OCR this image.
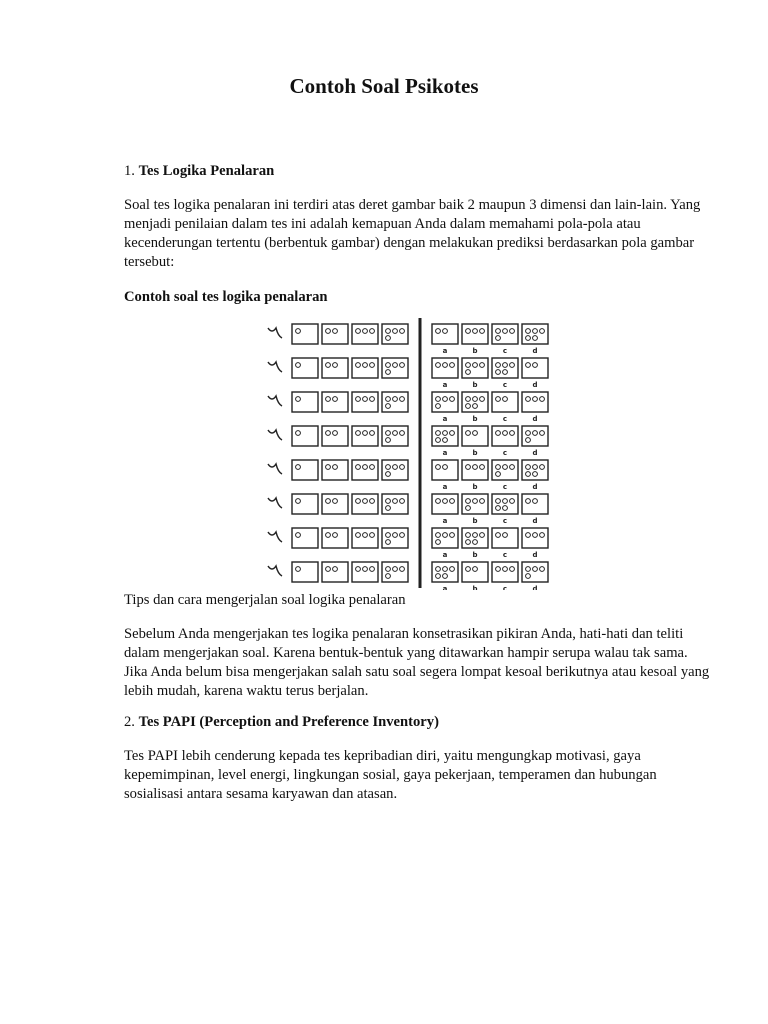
Contoh Soal Psikotes

1. Tes Logika Penalaran

Soal tes logika penalaran ini terdiri atas deret gambar baik 2 maupun 3 dimensi dan lain-lain. Yang menjadi penilaian dalam tes ini adalah kemapuan Anda dalam memahami pola-pola atau kecenderungan tertentu (berbentuk gambar) dengan melakukan prediksi berdasarkan pola gambar tersebut:

Contoh soal tes logika penalaran

a	b	c	d
a	b	c	d
a	b	c	d
a	b	c	d
a	b	c	d
a	b	c	d
a	b	c	d
a	b	c	d

Tips dan cara mengerjalan soal logika penalaran

Sebelum Anda mengerjakan tes logika penalaran konsetrasikan pikiran Anda, hati-hati dan teliti dalam mengerjakan soal. Karena bentuk-bentuk yang ditawarkan hampir serupa walau tak sama. Jika Anda belum bisa mengerjakan salah satu soal segera lompat kesoal berikutnya atau kesoal yang lebih mudah, karena waktu terus berjalan.

2. Tes PAPI (Perception and Preference Inventory)

Tes PAPI lebih cenderung kepada tes kepribadian diri, yaitu mengungkap motivasi, gaya kepemimpinan, level energi, lingkungan sosial, gaya pekerjaan, temperamen dan hubungan sosialisasi antara sesama karyawan dan atasan.
